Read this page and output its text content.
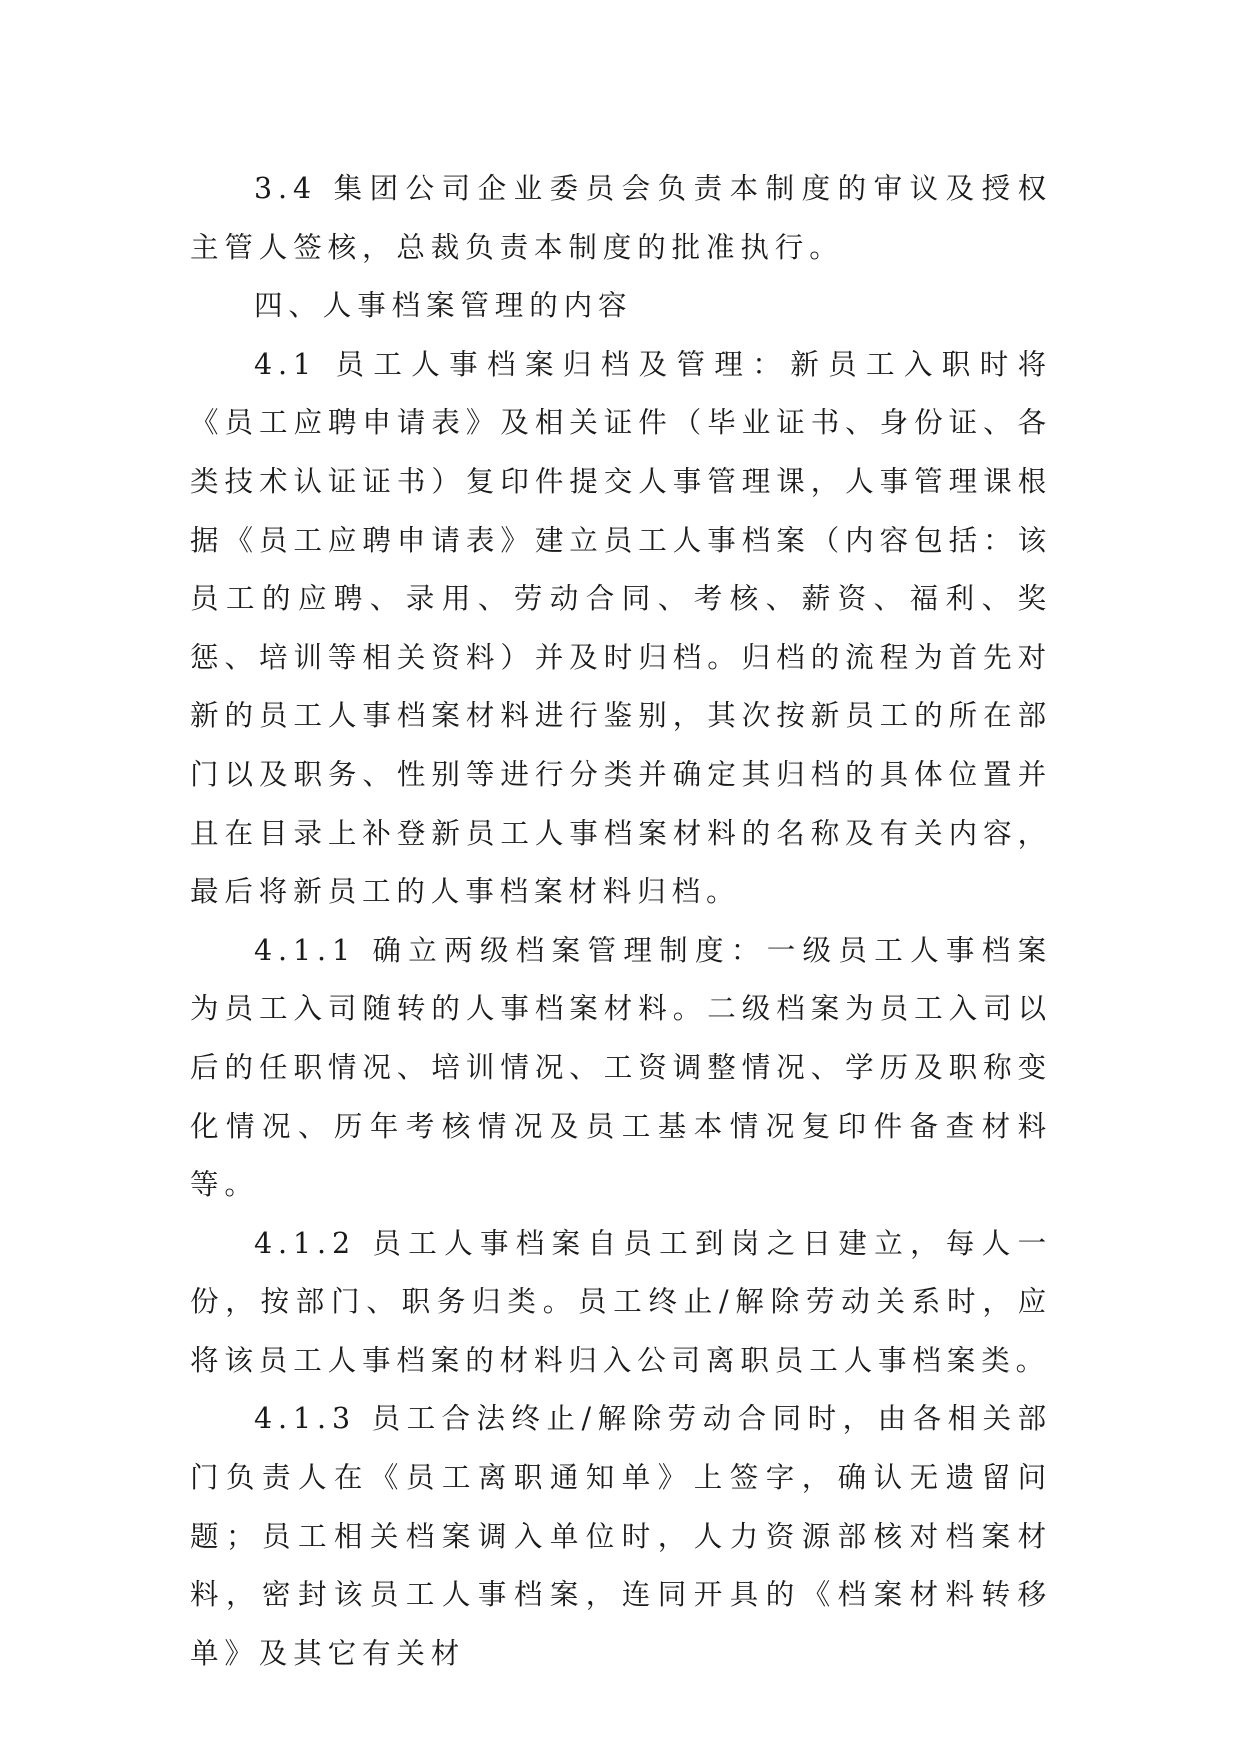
3.4 集团公司企业委员会负责本制度的审议及授权主管人签核，总裁负责本制度的批准执行。

四、人事档案管理的内容

4.1 员工人事档案归档及管理：新员工入职时将《员工应聘申请表》及相关证件（毕业证书、身份证、各类技术认证证书）复印件提交人事管理课，人事管理课根据《员工应聘申请表》建立员工人事档案（内容包括：该员工的应聘、录用、劳动合同、考核、薪资、福利、奖惩、培训等相关资料）并及时归档。归档的流程为首先对新的员工人事档案材料进行鉴别，其次按新员工的所在部门以及职务、性别等进行分类并确定其归档的具体位置并且在目录上补登新员工人事档案材料的名称及有关内容，最后将新员工的人事档案材料归档。

4.1.1 确立两级档案管理制度：一级员工人事档案为员工入司随转的人事档案材料。二级档案为员工入司以后的任职情况、培训情况、工资调整情况、学历及职称变化情况、历年考核情况及员工基本情况复印件备查材料等。

4.1.2 员工人事档案自员工到岗之日建立，每人一份，按部门、职务归类。员工终止/解除劳动关系时，应将该员工人事档案的材料归入公司离职员工人事档案类。

4.1.3 员工合法终止/解除劳动合同时，由各相关部门负责人在《员工离职通知单》上签字，确认无遗留问题；员工相关档案调入单位时，人力资源部核对档案材料，密封该员工人事档案，连同开具的《档案材料转移单》及其它有关材
